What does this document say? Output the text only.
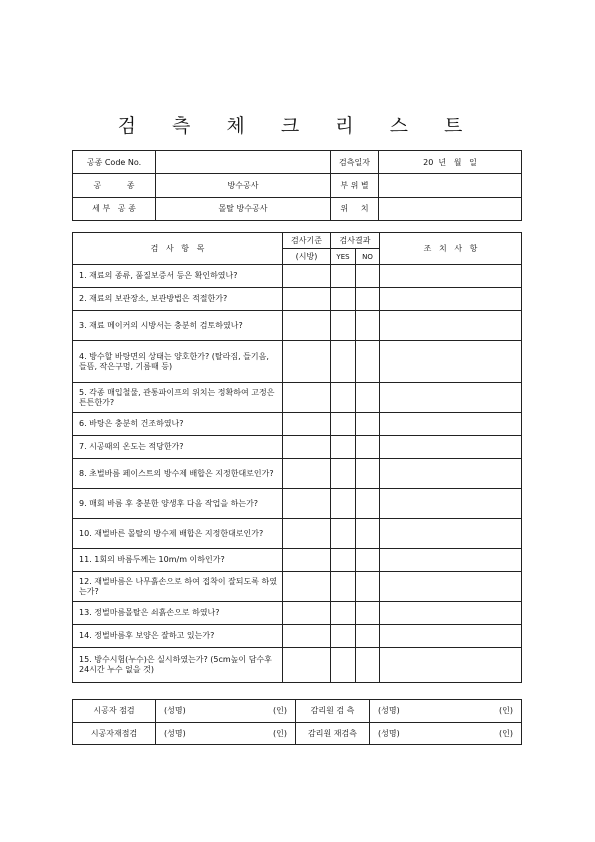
검 측 체 크 리 스 트
공종 Code No.		검측일자	20  년   월   일
공          종	방수공사	부 위 별	
세 부   공 종	몰탈 방수공사	위     치	
검   사   항   목	검사기준	검사결과		조   치   사   항
	(시방)	YES	NO	
1. 재료의 종류, 품질보증서 등은 확인하였나?				
2. 재료의 보관장소, 보관방법은 적절한가?				
3. 재료 메이커의 시방서는 충분히 검토하였나?				
4. 방수할 바탕면의 상태는 양호한가? (탈라짐, 들기음, 들뜸, 작은구멍, 기름때 등)				
5. 각종 매입철물, 관통파이프의 위치는 정확하여 고정은 튼튼한가?				
6. 바탕은 충분히 건조하였나?				
7. 시공때의 온도는 적당한가?				
8. 초벌바름 페이스트의 방수제 배합은 지정한대로인가?				
9. 매회 바름 후 충분한 양생후 다음 작업을 하는가?				
10. 재벌바른 몰탈의 방수제 배합은 지정한대로인가?				
11. 1회의 바름두께는 10m/m 이하인가?				
12. 재벌바름은 나무흙손으로 하여 접착이 잘되도록 하였는가?				
13. 정벌마름몰탈은 쇠흙손으로 하였나?				
14. 정벌바름후 보양은 잘하고 있는가?				
15. 방수시험(누수)은 실시하였는가? (5cm높이 담수후 24시간 누수 없을 것)				
시공자 점검	(성명) (인)	감리원 검 측	(성명) (인)

시공자재점검	(성명) (인)	감리원 재검측	(성명) (인)
